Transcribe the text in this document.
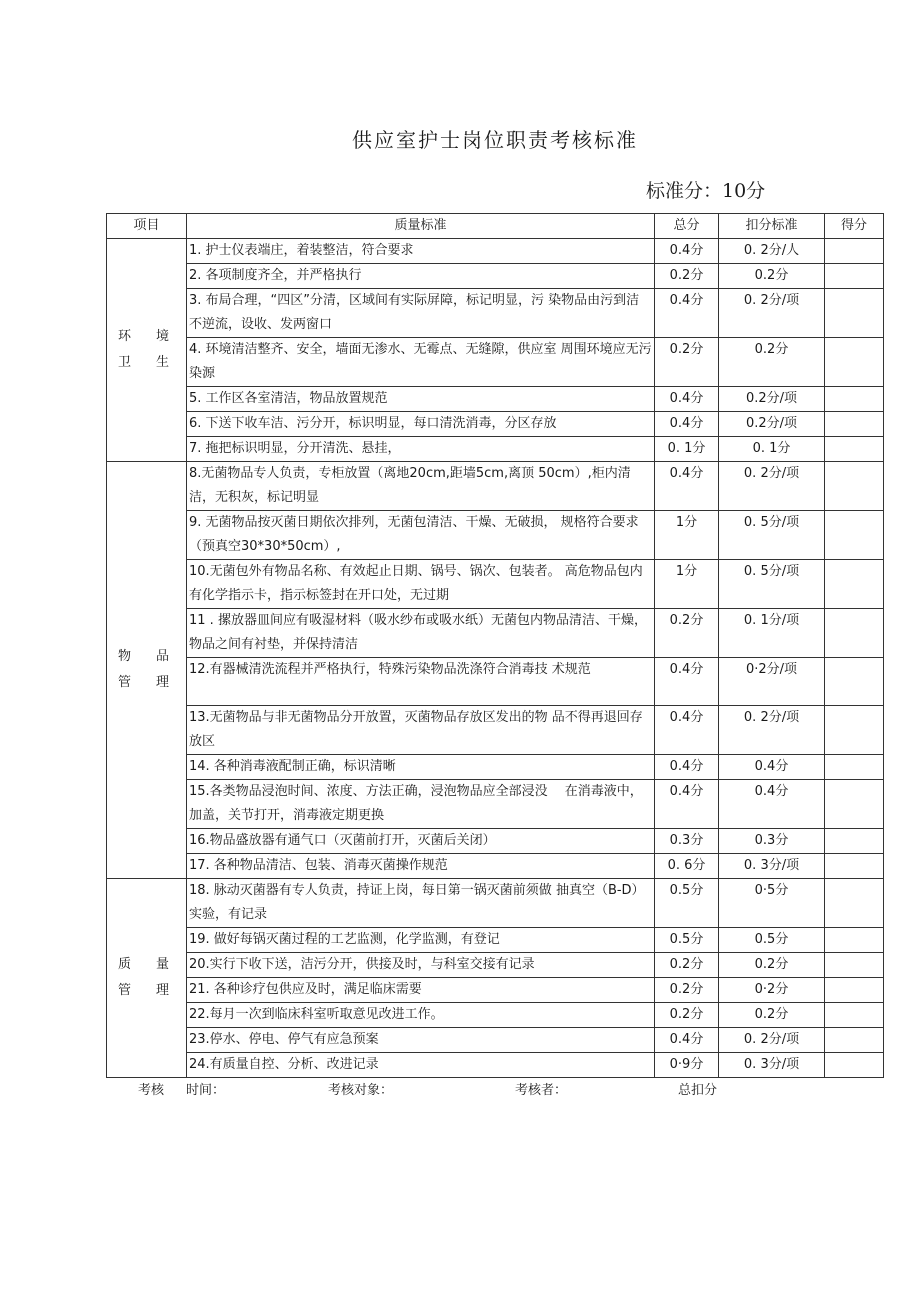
供应室护士岗位职责考核标准
标准分：10分
项目	质量标准	总分	扣分标准	得分
环　境
卫　生	1. 护士仪表端庄，着装整洁，符合要求	0.4分	0. 2分/人	
	2. 各项制度齐全，并严格执行	0.2分	0.2分	
	3. 布局合理，“四区”分清，区域间有实际屏障，标记明显，污 染物品由污到洁不逆流，设收、发两窗口	0.4分	0. 2分/项	
	4. 环境清洁整齐、安全，墙面无渗水、无霉点、无缝隙，供应室 周围环境应无污染源	0.2分	0.2分	
	5. 工作区各室清洁，物品放置规范	0.4分	0.2分/项	
	6. 下送下收车洁、污分开，标识明显，每口清洗消毒，分区存放	0.4分	0.2分/项	
	7. 拖把标识明显，分开清洗、悬挂，	0. 1分	0. 1分	
物　品
管　理	8.无菌物品专人负责，专柜放置（离地20cm,距墙5cm,离顶 50cm）,柜内清洁，无积灰，标记明显	0.4分	0. 2分/项	
	9. 无菌物品按灭菌日期依次排列，无菌包清洁、干燥、无破损， 规格符合要求（预真空30*30*50cm）,	1分	0. 5分/项	
	10.无菌包外有物品名称、有效起止日期、锅号、锅次、包装者。 高危物品包内有化学指示卡，指示标签封在开口处，无过期	1分	0. 5分/项	
	11 . 摞放器皿间应有吸湿材料（吸水纱布或吸水纸）无菌包内物品清洁、干燥，物品之间有衬垫，并保持清洁	0.2分	0. 1分/项	
	12.有器械清洗流程并严格执行，特殊污染物品洗涤符合消毒技 术规范	0.4分	0·2分/项	
	13.无菌物品与非无菌物品分开放置，灭菌物品存放区发出的物 品不得再退回存放区	0.4分	0. 2分/项	
	14. 各种消毒液配制正确，标识清晰	0.4分	0.4分	
	15.各类物品浸泡时间、浓度、方法正确，浸泡物品应全部浸没　 在消毒液中，加盖，关节打开，消毒液定期更换	0.4分	0.4分	
	16.物品盛放器有通气口（灭菌前打开，灭菌后关闭）	0.3分	0.3分	
	17. 各种物品清洁、包装、消毒灭菌操作规范	0. 6分	0. 3分/项	
质　量
管　理	18. 脉动灭菌器有专人负责，持证上岗，每日第一锅灭菌前须做 抽真空（B-D）实验，有记录	0.5分	0·5分	
	19. 做好每锅灭菌过程的工艺监测，化学监测，有登记	0.5分	0.5分	
	20.实行下收下送，洁污分开，供接及时，与科室交接有记录	0.2分	0.2分	
	21. 各种诊疗包供应及时，满足临床需要	0.2分	0·2分	
	22.每月一次到临床科室听取意见改进工作。	0.2分	0.2分	
	23.停水、停电、停气有应急预案	0.4分	0. 2分/项	
	24.有质量自控、分析、改进记录	0·9分	0. 3分/项	
考核 时间：	考核对象：	考核者：	总扣分
